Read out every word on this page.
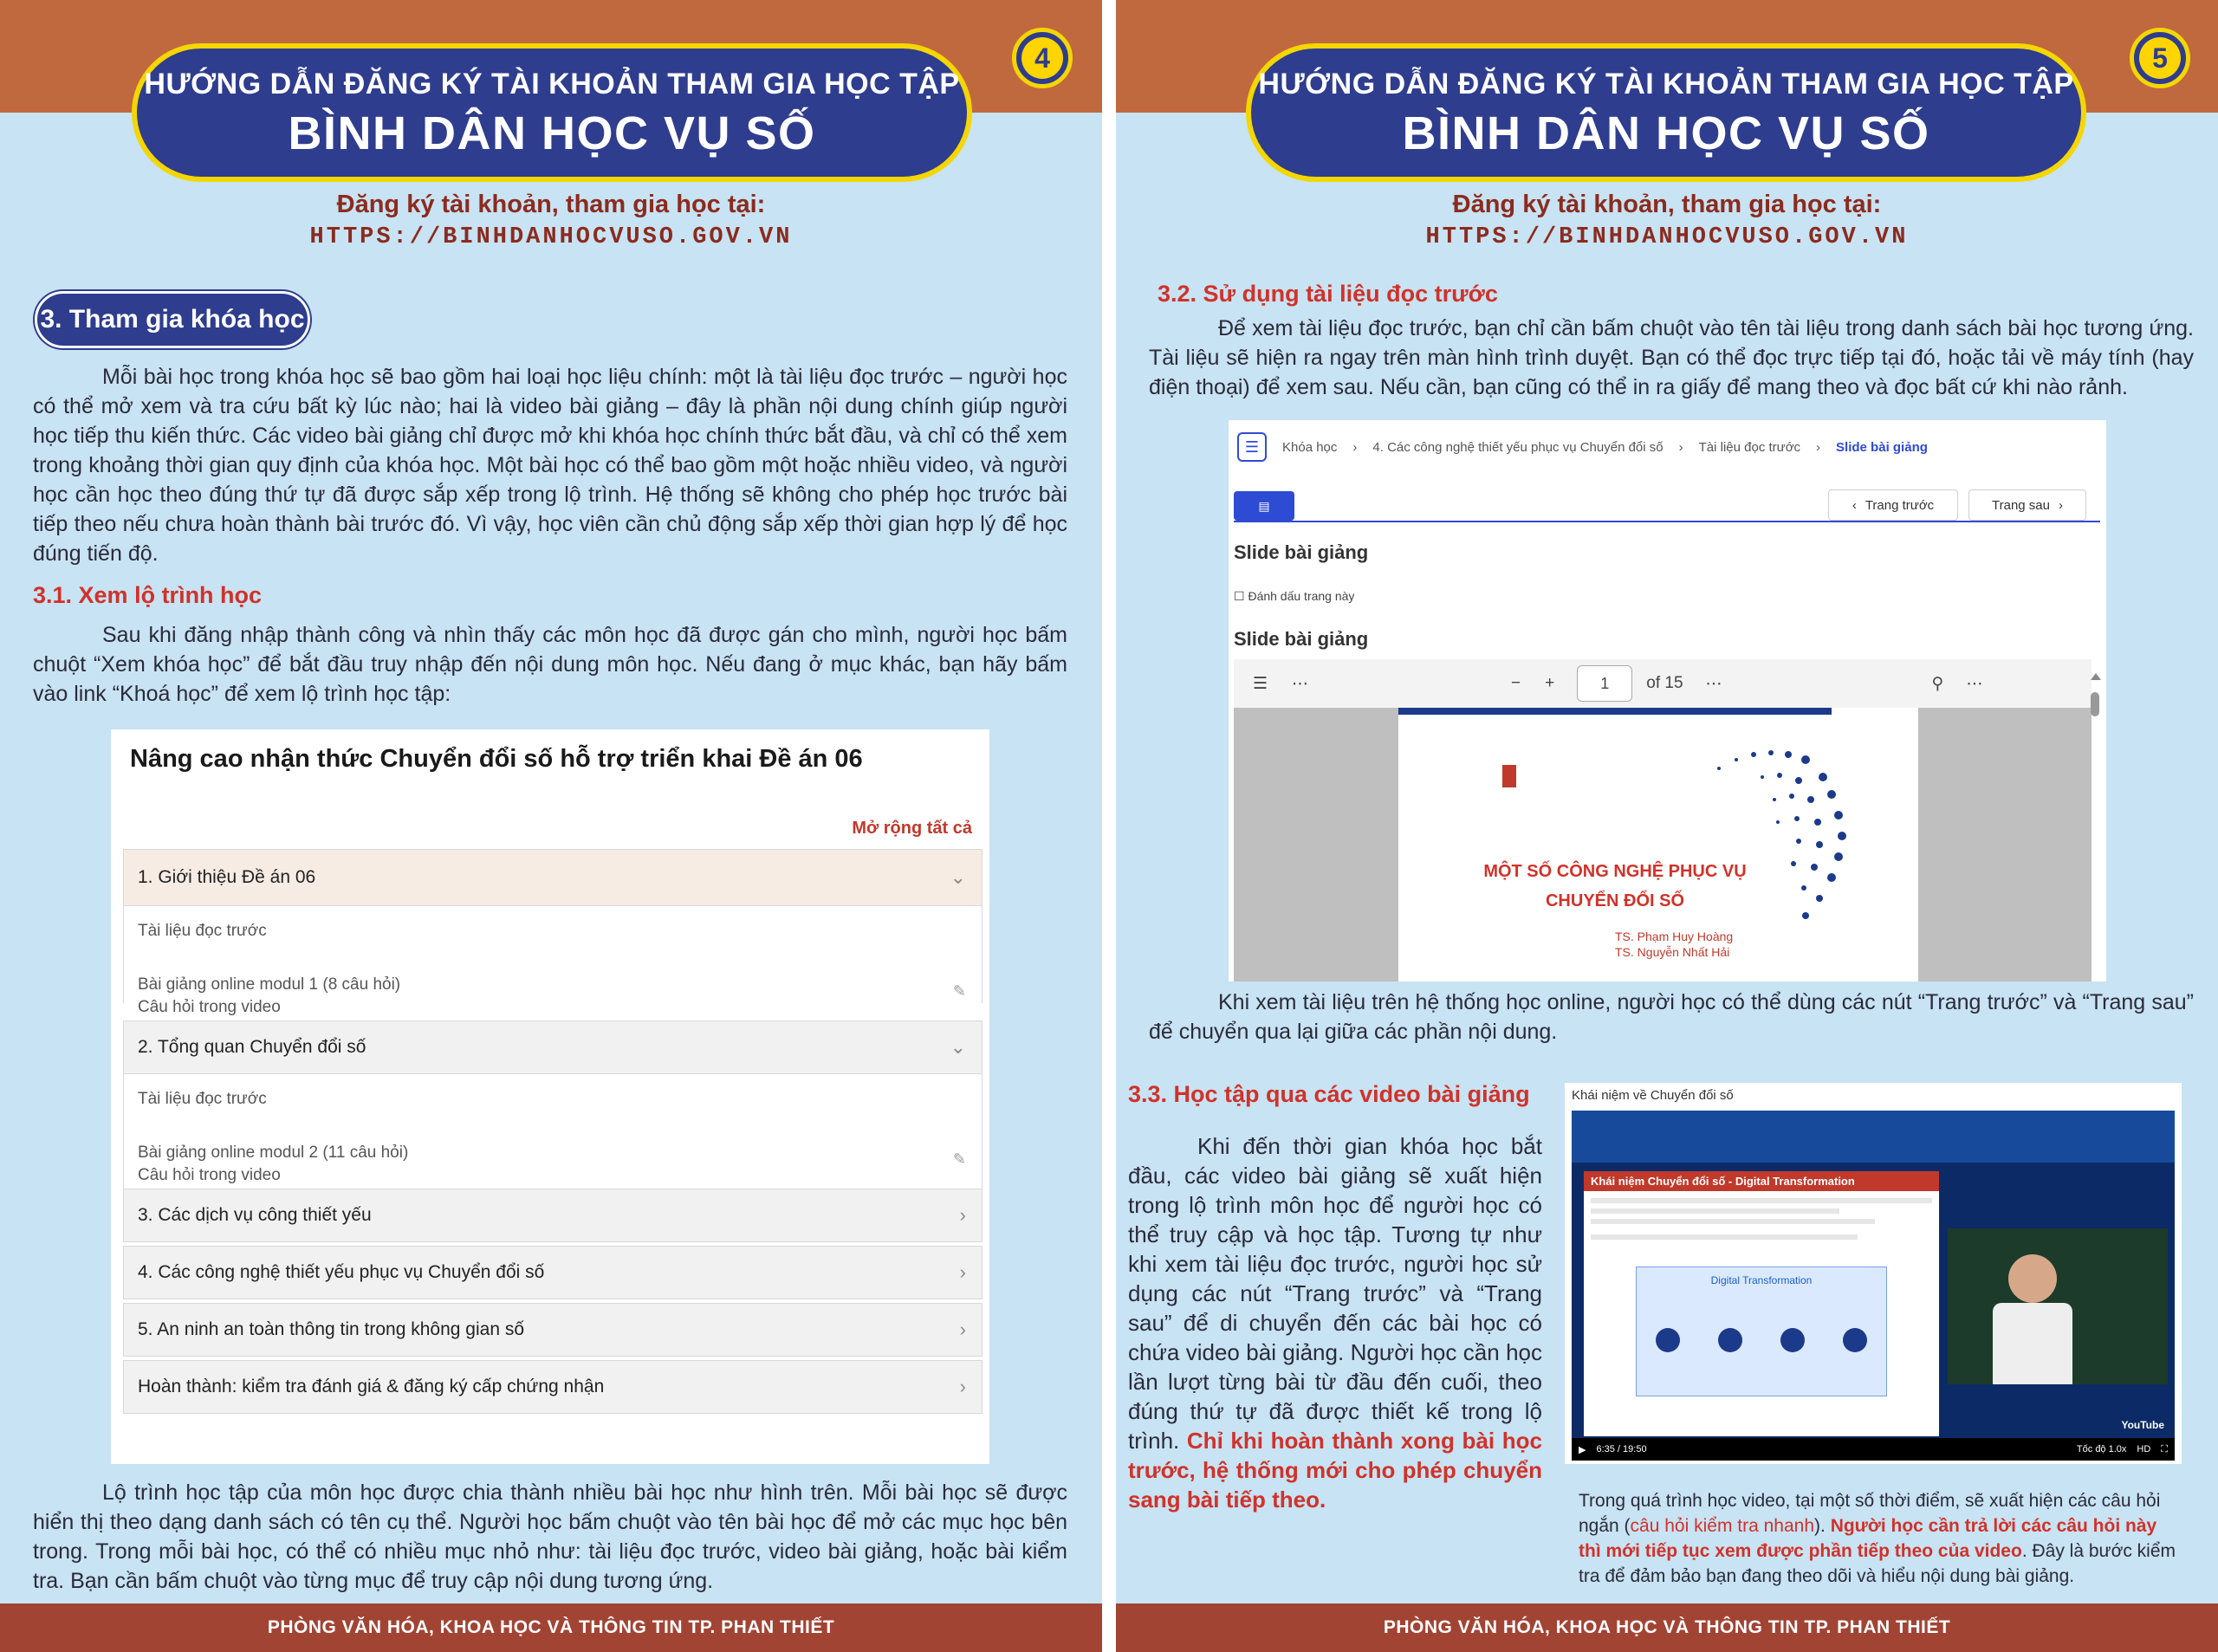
HƯỚNG DẪN ĐĂNG KÝ TÀI KHOẢN THAM GIA HỌC TẬP
BÌNH DÂN HỌC VỤ SỐ
4
Đăng ký tài khoản, tham gia học tại:
HTTPS://BINHDANHOCVUSO.GOV.VN
3. Tham gia khóa học

Mỗi bài học trong khóa học sẽ bao gồm hai loại học liệu chính: một là tài liệu đọc trước – người học có thể mở xem và tra cứu bất kỳ lúc nào; hai là video bài giảng – đây là phần nội dung chính giúp người học tiếp thu kiến thức. Các video bài giảng chỉ được mở khi khóa học chính thức bắt đầu, và chỉ có thể xem trong khoảng thời gian quy định của khóa học. Một bài học có thể bao gồm một hoặc nhiều video, và người học cần học theo đúng thứ tự đã được sắp xếp trong lộ trình. Hệ thống sẽ không cho phép học trước bài tiếp theo nếu chưa hoàn thành bài trước đó. Vì vậy, học viên cần chủ động sắp xếp thời gian hợp lý để học đúng tiến độ.

3.1. Xem lộ trình học

Sau khi đăng nhập thành công và nhìn thấy các môn học đã được gán cho mình, người học bấm chuột “Xem khóa học” để bắt đầu truy nhập đến nội dung môn học. Nếu đang ở mục khác, bạn hãy bấm vào link “Khoá học” để xem lộ trình học tập:

Nâng cao nhận thức Chuyển đổi số hỗ trợ triển khai Đề án 06
Mở rộng tất cả
1. Giới thiệu Đề án 06	⌄
Tài liệu đọc trước
Bài giảng online modul 1 (8 câu hỏi)
Câu hỏi trong video
✎
2. Tổng quan Chuyển đổi số	⌄
Tài liệu đọc trước
Bài giảng online modul 2 (11 câu hỏi)
Câu hỏi trong video
✎
3. Các dịch vụ công thiết yếu	›
4. Các công nghệ thiết yếu phục vụ Chuyển đổi số	›
5. An ninh an toàn thông tin trong không gian số	›
Hoàn thành: kiểm tra đánh giá & đăng ký cấp chứng nhận	›

Lộ trình học tập của môn học được chia thành nhiều bài học như hình trên. Mỗi bài học sẽ được hiển thị theo dạng danh sách có tên cụ thể. Người học bấm chuột vào tên bài học để mở các mục học bên trong. Trong mỗi bài học, có thể có nhiều mục nhỏ như: tài liệu đọc trước, video bài giảng, hoặc bài kiểm tra. Bạn cần bấm chuột vào từng mục để truy cập nội dung tương ứng.

PHÒNG VĂN HÓA, KHOA HỌC VÀ THÔNG TIN TP. PHAN THIẾT
HƯỚNG DẪN ĐĂNG KÝ TÀI KHOẢN THAM GIA HỌC TẬP
BÌNH DÂN HỌC VỤ SỐ
5
Đăng ký tài khoản, tham gia học tại:
HTTPS://BINHDANHOCVUSO.GOV.VN
3.2. Sử dụng tài liệu đọc trước

Để xem tài liệu đọc trước, bạn chỉ cần bấm chuột vào tên tài liệu trong danh sách bài học tương ứng. Tài liệu sẽ hiện ra ngay trên màn hình trình duyệt. Bạn có thể đọc trực tiếp tại đó, hoặc tải về máy tính (hay điện thoại) để xem sau. Nếu cần, bạn cũng có thể in ra giấy để mang theo và đọc bất cứ khi nào rảnh.

Khi xem tài liệu trên hệ thống học online, người học có thể dùng các nút “Trang trước” và “Trang sau” để chuyển qua lại giữa các phần nội dung.

3.3. Học tập qua các video bài giảng

Khi đến thời gian khóa học bắt đầu, các video bài giảng sẽ xuất hiện trong lộ trình môn học để người học có thể truy cập và học tập. Tương tự như khi xem tài liệu đọc trước, người học sử dụng các nút “Trang trước” và “Trang sau” để di chuyển đến các bài học có chứa video bài giảng. Người học cần học lần lượt từng bài từ đầu đến cuối, theo đúng thứ tự đã được thiết kế trong lộ trình. Chỉ khi hoàn thành xong bài học trước, hệ thống mới cho phép chuyển sang bài tiếp theo.

PHÒNG VĂN HÓA, KHOA HỌC VÀ THÔNG TIN TP. PHAN THIẾT
☰	Khóa học › 4. Các công nghệ thiết yếu phục vụ Chuyển đổi số › Tài liệu đọc trước › Slide bài giảng
▤	‹ Trang trước	Trang sau ›
Slide bài giảng
☐ Đánh dấu trang này
Slide bài giảng
☰ ⋯	− +	1	of 15 ⋯	⚲ ⋯
MỘT SỐ CÔNG NGHỆ PHỤC VỤ
CHUYỂN ĐỔI SỐ
TS. Phạm Huy Hoàng
TS. Nguyễn Nhất Hải
Khái niệm về Chuyển đổi số
Khái niệm Chuyển đổi số - Digital Transformation
Digital Transformation
YouTube
▶ 6:35 / 19:50	Tốc độ 1.0x HD ⛶

Trong quá trình học video, tại một số thời điểm, sẽ xuất hiện các câu hỏi ngắn (câu hỏi kiểm tra nhanh). Người học cần trả lời các câu hỏi này thì mới tiếp tục xem được phần tiếp theo của video. Đây là bước kiểm tra để đảm bảo bạn đang theo dõi và hiểu nội dung bài giảng.
